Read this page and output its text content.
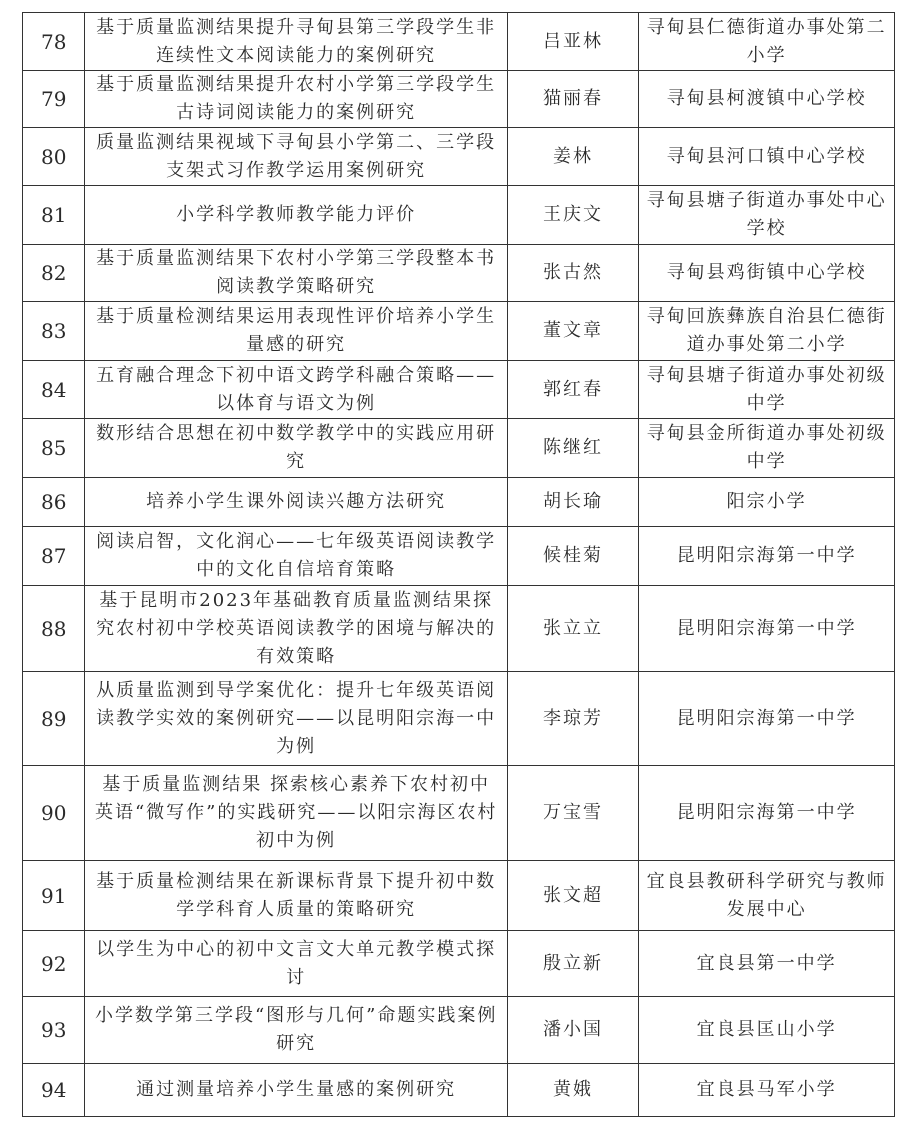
78	基于质量监测结果提升寻甸县第三学段学生非连续性文本阅读能力的案例研究	吕亚林	寻甸县仁德街道办事处第二小学
79	基于质量监测结果提升农村小学第三学段学生古诗词阅读能力的案例研究	猫丽春	寻甸县柯渡镇中心学校
80	质量监测结果视域下寻甸县小学第二、三学段支架式习作教学运用案例研究	姜林	寻甸县河口镇中心学校
81	小学科学教师教学能力评价	王庆文	寻甸县塘子街道办事处中心学校
82	基于质量监测结果下农村小学第三学段整本书阅读教学策略研究	张古然	寻甸县鸡街镇中心学校
83	基于质量检测结果运用表现性评价培养小学生量感的研究	董文章	寻甸回族彝族自治县仁德街道办事处第二小学
84	五育融合理念下初中语文跨学科融合策略——以体育与语文为例	郭红春	寻甸县塘子街道办事处初级中学
85	数形结合思想在初中数学教学中的实践应用研究	陈继红	寻甸县金所街道办事处初级中学
86	培养小学生课外阅读兴趣方法研究	胡长瑜	阳宗小学
87	阅读启智，文化润心——七年级英语阅读教学中的文化自信培育策略	候桂菊	昆明阳宗海第一中学
88	基于昆明市2023年基础教育质量监测结果探究农村初中学校英语阅读教学的困境与解决的有效策略	张立立	昆明阳宗海第一中学
89	从质量监测到导学案优化：提升七年级英语阅读教学实效的案例研究——以昆明阳宗海一中为例	李琼芳	昆明阳宗海第一中学
90	基于质量监测结果 探索核心素养下农村初中英语“微写作”的实践研究——以阳宗海区农村初中为例	万宝雪	昆明阳宗海第一中学
91	基于质量检测结果在新课标背景下提升初中数学学科育人质量的策略研究	张文超	宜良县教研科学研究与教师发展中心
92	以学生为中心的初中文言文大单元教学模式探讨	殷立新	宜良县第一中学
93	小学数学第三学段“图形与几何”命题实践案例研究	潘小国	宜良县匡山小学
94	通过测量培养小学生量感的案例研究	黄娥	宜良县马军小学
